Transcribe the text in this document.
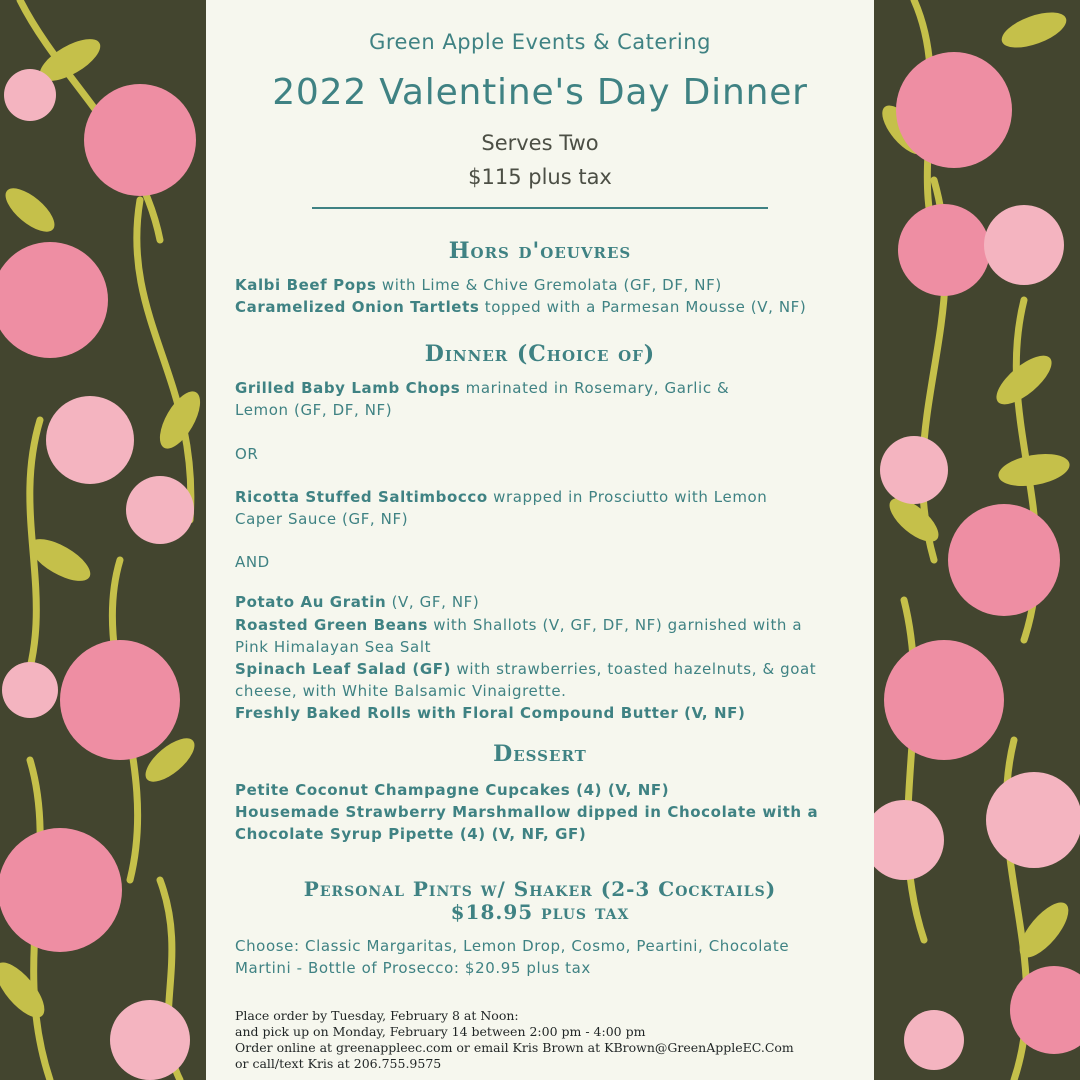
Green Apple Events & Catering

2022 Valentine's Day Dinner

Serves Two

$115 plus tax

Hors d'oeuvres

Kalbi Beef Pops with Lime & Chive Gremolata (GF, DF, NF)

Caramelized Onion Tartlets topped with a Parmesan Mousse (V, NF)

Dinner (Choice of)

Grilled Baby Lamb Chops marinated in Rosemary, Garlic &

Lemon (GF, DF, NF)

OR

Ricotta Stuffed Saltimbocco wrapped in Prosciutto with Lemon

Caper Sauce (GF, NF)

AND

Potato Au Gratin (V, GF, NF)

Roasted Green Beans with Shallots (V, GF, DF, NF) garnished with a

Pink Himalayan Sea Salt

Spinach Leaf Salad (GF) with strawberries, toasted hazelnuts, & goat

cheese, with White Balsamic Vinaigrette.

Freshly Baked Rolls with Floral Compound Butter (V, NF)

Dessert

Petite Coconut Champagne Cupcakes (4) (V, NF)

Housemade Strawberry Marshmallow dipped in Chocolate with a

Chocolate Syrup Pipette (4) (V, NF, GF)

Personal Pints w/ Shaker (2-3 Cocktails)

$18.95 plus tax

Choose: Classic Margaritas, Lemon Drop, Cosmo, Peartini, Chocolate

Martini - Bottle of Prosecco: $20.95 plus tax

Place order by Tuesday, February 8 at Noon:
and pick up on Monday, February 14 between 2:00 pm - 4:00 pm
Order online at greenappleec.com or email Kris Brown at KBrown@GreenAppleEC.Com
or call/text Kris at 206.755.9575
